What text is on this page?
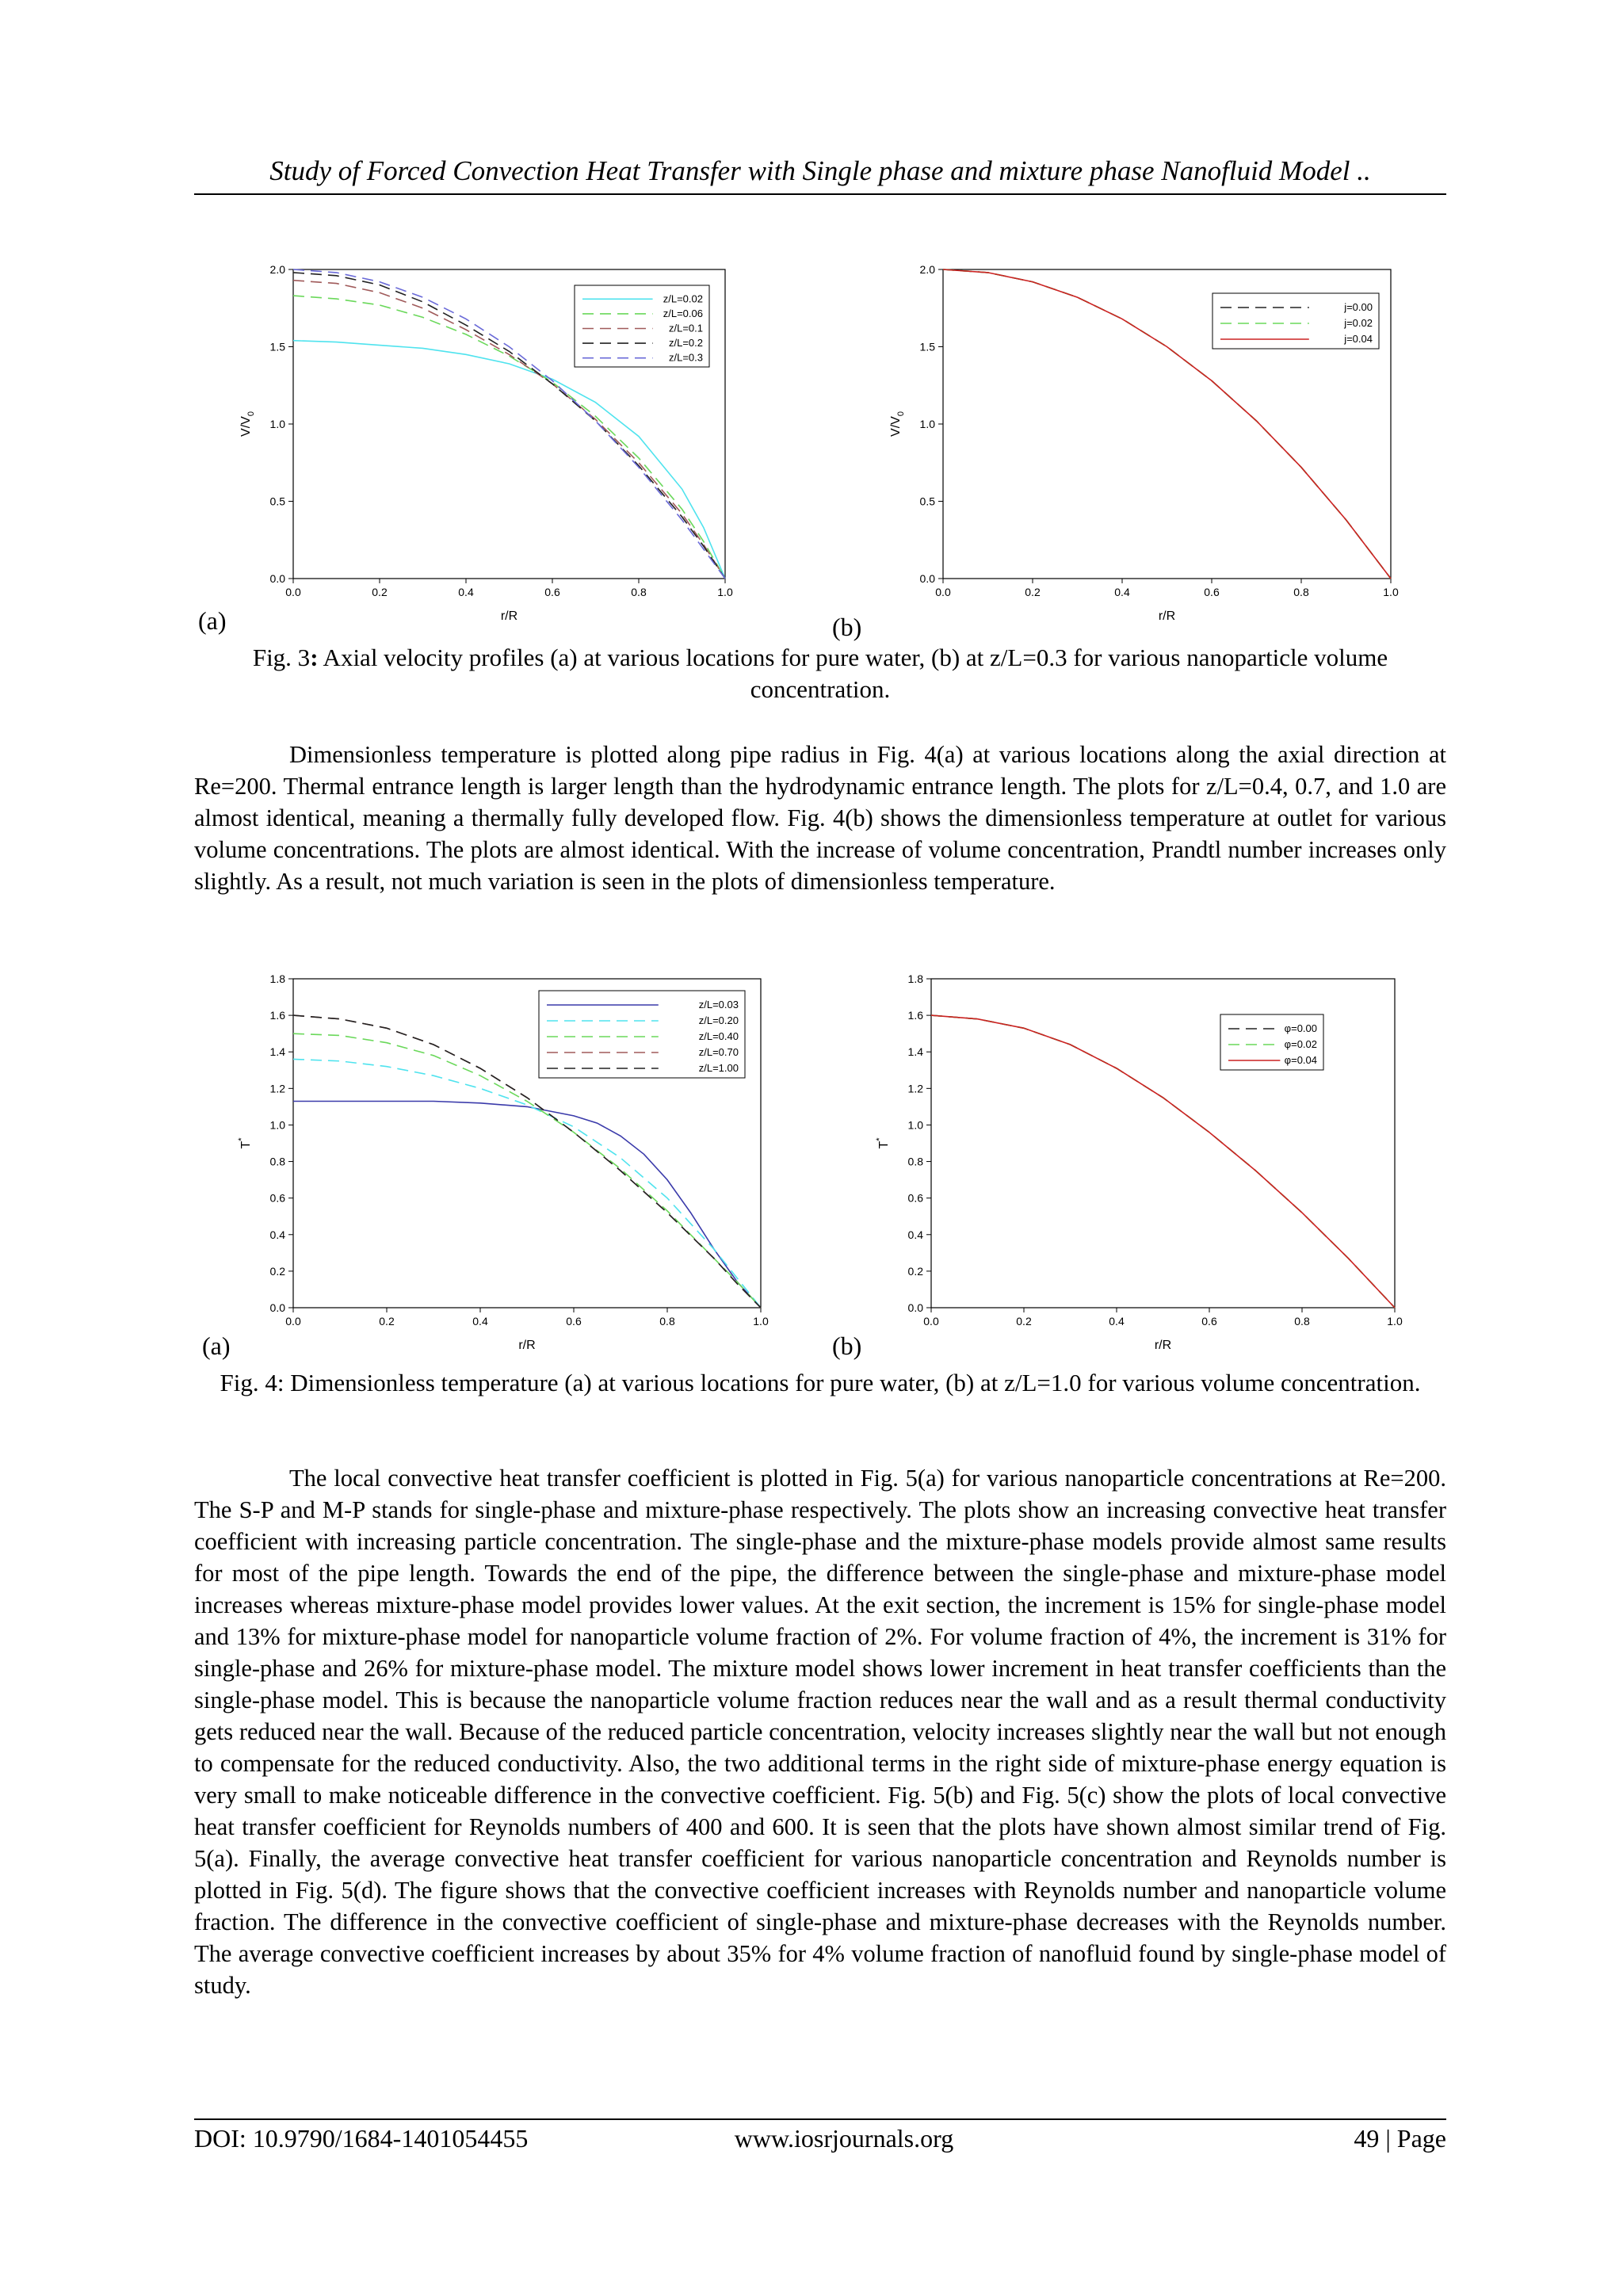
Study of Forced Convection Heat Transfer with Single phase and mixture phase Nanofluid Model ..
0.0	0.2	0.4	0.6	0.8	1.0
0.0
0.5
1.0
1.5
2.0
r/R
$V/V_0$
z/L=0.02
z/L=0.06
z/L=0.1
z/L=0.2
z/L=0.3
0.0	0.2	0.4	0.6	0.8	1.0
0.0
0.5
1.0
1.5
2.0
r/R
$V/V_0$
j=0.00
j=0.02
j=0.04
(a)	(b)

Fig. 3: Axial velocity profiles (a) at various locations for pure water, (b) at z/L=0.3 for various nanoparticle volume concentration.

Dimensionless temperature is plotted along pipe radius in Fig. 4(a) at various locations along the axial direction at Re=200. Thermal entrance length is larger length than the hydrodynamic entrance length. The plots for z/L=0.4, 0.7, and 1.0 are almost identical, meaning a thermally fully developed flow. Fig. 4(b) shows the dimensionless temperature at outlet for various volume concentrations. The plots are almost identical. With the increase of volume concentration, Prandtl number increases only slightly. As a result, not much variation is seen in the plots of dimensionless temperature.

0.0	0.2	0.4	0.6	0.8	1.0
0.0
0.2
0.4
0.6
0.8
1.0
1.2
1.4
1.6
1.8
r/R
T*
z/L=0.03
z/L=0.20
z/L=0.40
z/L=0.70
z/L=1.00
0.0	0.2	0.4	0.6	0.8	1.0
0.0
0.2
0.4
0.6
0.8
1.0
1.2
1.4
1.6
1.8
r/R
T*
φ=0.00
φ=0.02
φ=0.04
(a)	(b)

Fig. 4: Dimensionless temperature (a) at various locations for pure water, (b) at z/L=1.0 for various volume concentration.

The local convective heat transfer coefficient is plotted in Fig. 5(a) for various nanoparticle concentrations at Re=200. The S-P and M-P stands for single-phase and mixture-phase respectively. The plots show an increasing convective heat transfer coefficient with increasing particle concentration. The single-phase and the mixture-phase models provide almost same results for most of the pipe length. Towards the end of the pipe, the difference between the single-phase and mixture-phase model increases whereas mixture-phase model provides lower values. At the exit section, the increment is 15% for single-phase model and 13% for mixture-phase model for nanoparticle volume fraction of 2%. For volume fraction of 4%, the increment is 31% for single-phase and 26% for mixture-phase model. The mixture model shows lower increment in heat transfer coefficients than the single-phase model. This is because the nanoparticle volume fraction reduces near the wall and as a result thermal conductivity gets reduced near the wall. Because of the reduced particle concentration, velocity increases slightly near the wall but not enough to compensate for the reduced conductivity. Also, the two additional terms in the right side of mixture-phase energy equation is very small to make noticeable difference in the convective coefficient. Fig. 5(b) and Fig. 5(c) show the plots of local convective heat transfer coefficient for Reynolds numbers of 400 and 600. It is seen that the plots have shown almost similar trend of Fig. 5(a). Finally, the average convective heat transfer coefficient for various nanoparticle concentration and Reynolds number is plotted in Fig. 5(d). The figure shows that the convective coefficient increases with Reynolds number and nanoparticle volume fraction. The difference in the convective coefficient of single-phase and mixture-phase decreases with the Reynolds number. The average convective coefficient increases by about 35% for 4% volume fraction of nanofluid found by single-phase model of study.

DOI: 10.9790/1684-1401054455	www.iosrjournals.org	49 | Page
